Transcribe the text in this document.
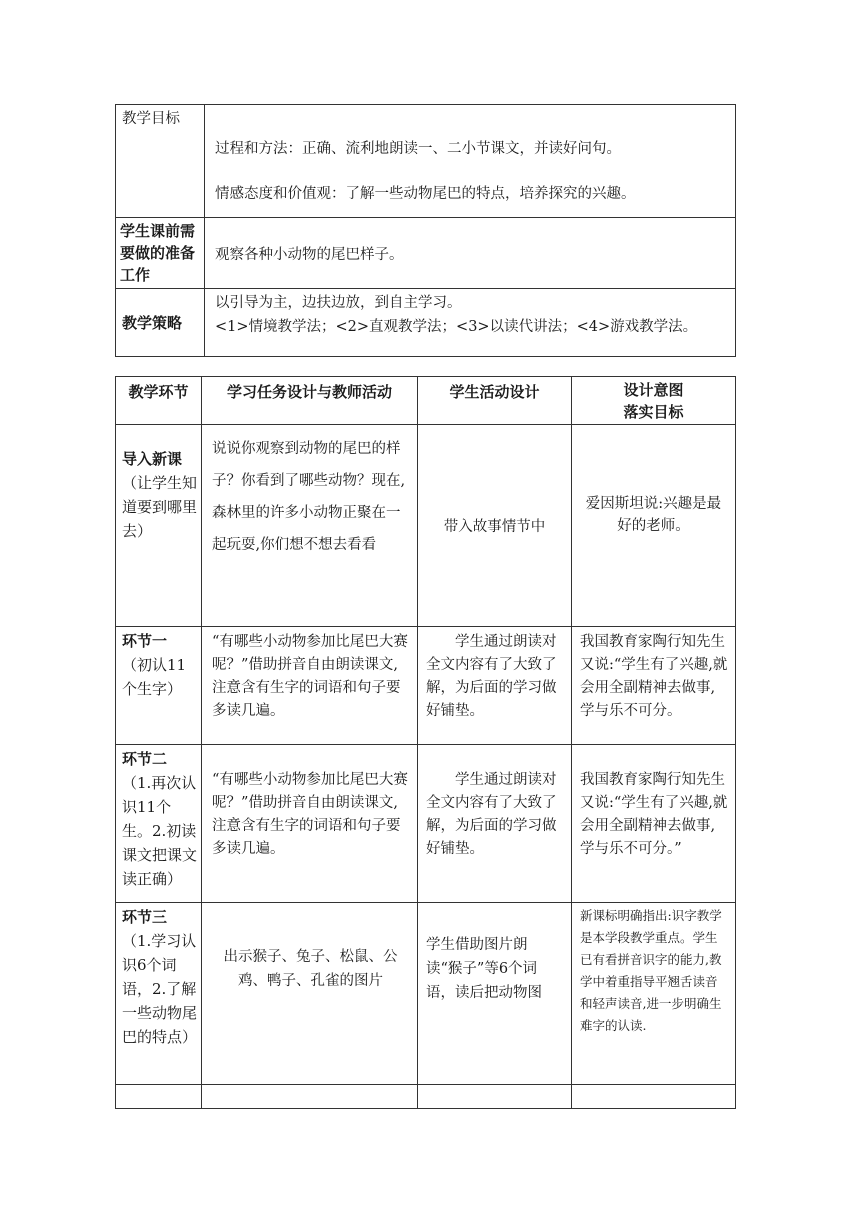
教学目标	过程和方法：正确、流利地朗读一、二小节课文，并读好问句。
情感态度和价值观：了解一些动物尾巴的特点，培养探究的兴趣。

学生课前需要做的准备工作	观察各种小动物的尾巴样子。
教学策略	以引导为主，边扶边放，到自主学习。
<1>情境教学法；<2>直观教学法；<3>以读代讲法；<4>游戏教学法。
教学环节	学习任务设计与教师活动	学生活动设计	设计意图
落实目标

导入新课
（让学生知道要到哪里去）	说说你观察到动物的尾巴的样子？你看到了哪些动物？现在,森林里的许多小动物正聚在一起玩耍,你们想不想去看看	带入故事情节中	爱因斯坦说:兴趣是最好的老师。

环节一
（初认11个生字）	“有哪些小动物参加比尾巴大赛呢？”借助拼音自由朗读课文,注意含有生字的词语和句子要多读几遍。	学生通过朗读对全文内容有了大致了解，为后面的学习做好铺垫。	我国教育家陶行知先生又说:“学生有了兴趣,就会用全副精神去做事,学与乐不可分。

环节二
（1.再次认识11个生。2.初读课文把课文读正确）	“有哪些小动物参加比尾巴大赛呢？”借助拼音自由朗读课文,注意含有生字的词语和句子要多读几遍。	学生通过朗读对全文内容有了大致了解，为后面的学习做好铺垫。	我国教育家陶行知先生又说:“学生有了兴趣,就会用全副精神去做事,学与乐不可分。”

环节三
（1.学习认识6个词语，2.了解一些动物尾巴的特点）	出示猴子、兔子、松鼠、公鸡、鸭子、孔雀的图片	学生借助图片朗读“猴子”等6个词语，读后把动物图	新课标明确指出:识字教学是本学段教学重点。学生已有看拼音识字的能力,教学中着重指导平翘舌读音和轻声读音,进一步明确生难字的认读.
